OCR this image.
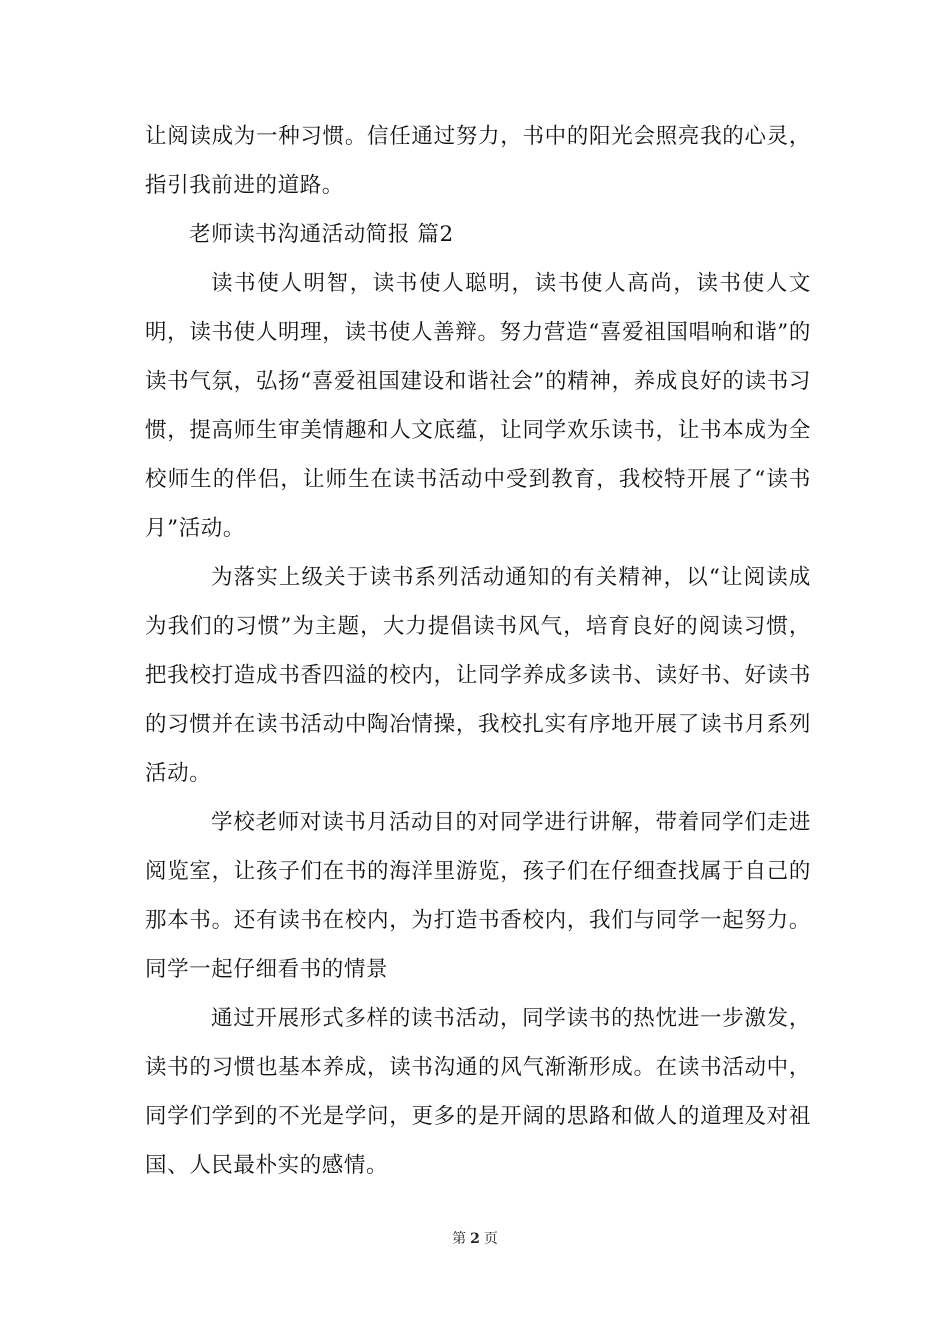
让阅读成为一种习惯。信任通过努力，书中的阳光会照亮我的心灵，指引我前进的道路。

老师读书沟通活动简报 篇2

读书使人明智，读书使人聪明，读书使人高尚，读书使人文明，读书使人明理，读书使人善辩。努力营造“喜爱祖国唱响和谐”的读书气氛，弘扬“喜爱祖国建设和谐社会”的精神，养成良好的读书习惯，提高师生审美情趣和人文底蕴，让同学欢乐读书，让书本成为全校师生的伴侣，让师生在读书活动中受到教育，我校特开展了“读书月”活动。

为落实上级关于读书系列活动通知的有关精神，以“让阅读成为我们的习惯”为主题，大力提倡读书风气，培育良好的阅读习惯，把我校打造成书香四溢的校内，让同学养成多读书、读好书、好读书的习惯并在读书活动中陶冶情操，我校扎实有序地开展了读书月系列活动。

学校老师对读书月活动目的对同学进行讲解，带着同学们走进阅览室，让孩子们在书的海洋里游览，孩子们在仔细查找属于自己的那本书。还有读书在校内，为打造书香校内，我们与同学一起努力。同学一起仔细看书的情景

通过开展形式多样的读书活动，同学读书的热忱进一步激发，读书的习惯也基本养成，读书沟通的风气渐渐形成。在读书活动中，同学们学到的不光是学问，更多的是开阔的思路和做人的道理及对祖国、人民最朴实的感情。

第 2 页
